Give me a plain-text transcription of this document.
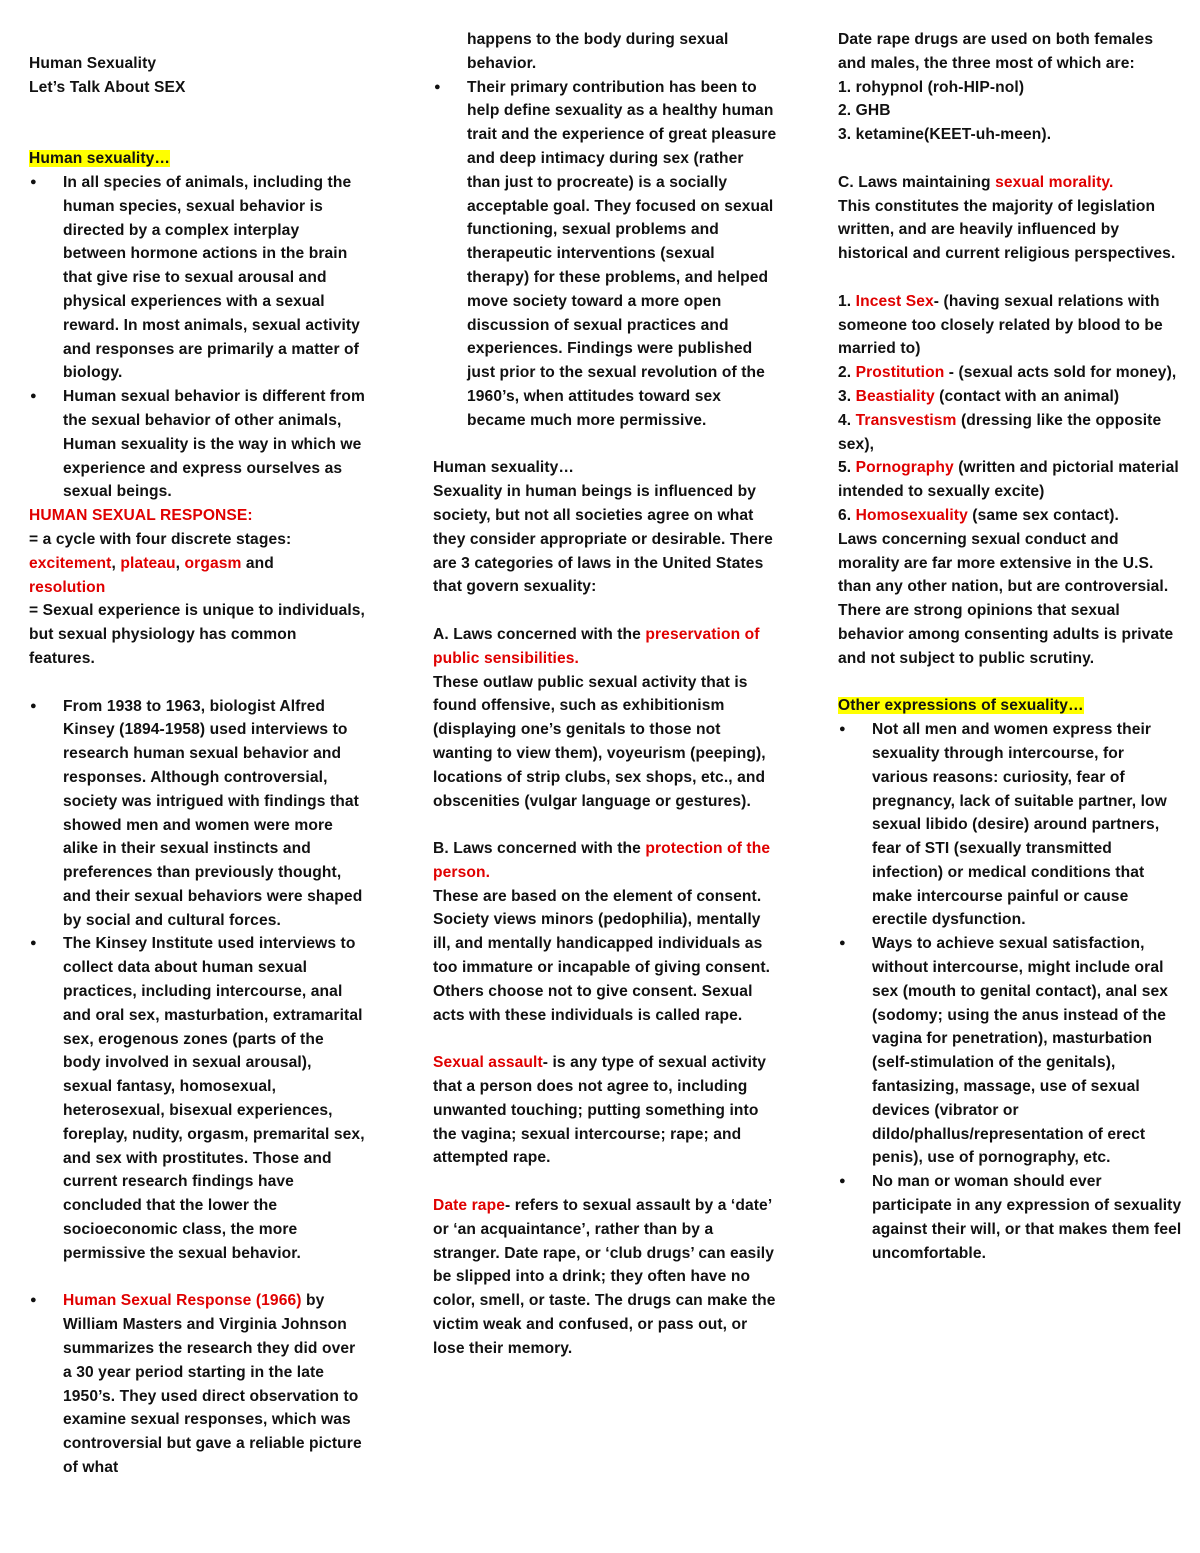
Human Sexuality

Let’s Talk About SEX

Human sexuality…

● In all species of animals, including the human species, sexual behavior is directed by a complex interplay between hormone actions in the brain that give rise to sexual arousal and physical experiences with a sexual reward. In most animals, sexual activity and responses are primarily a matter of biology.
● Human sexual behavior is different from the sexual behavior of other animals, Human sexuality is the way in which we experience and express ourselves as sexual beings.

HUMAN SEXUAL RESPONSE:

= a cycle with four discrete stages:

excitement, plateau, orgasm and

resolution

= Sexual experience is unique to individuals, but sexual physiology has common features.

● From 1938 to 1963, biologist Alfred Kinsey (1894-1958) used interviews to research human sexual behavior and responses. Although controversial, society was intrigued with findings that showed men and women were more alike in their sexual instincts and preferences than previously thought, and their sexual behaviors were shaped by social and cultural forces.
● The Kinsey Institute used interviews to collect data about human sexual practices, including intercourse, anal and oral sex, masturbation, extramarital sex, erogenous zones (parts of the body involved in sexual arousal), sexual fantasy, homosexual, heterosexual, bisexual experiences, foreplay, nudity, orgasm, premarital sex, and sex with prostitutes. Those and current research findings have concluded that the lower the socioeconomic class, the more permissive the sexual behavior.
● Human Sexual Response (1966) by William Masters and Virginia Johnson summarizes the research they did over a 30 year period starting in the late 1950’s. They used direct observation to examine sexual responses, which was controversial but gave a reliable picture of what

happens to the body during sexual behavior.

● Their primary contribution has been to help define sexuality as a healthy human trait and the experience of great pleasure and deep intimacy during sex (rather than just to procreate) is a socially acceptable goal. They focused on sexual functioning, sexual problems and therapeutic interventions (sexual therapy) for these problems, and helped move society toward a more open discussion of sexual practices and experiences. Findings were published just prior to the sexual revolution of the 1960’s, when attitudes toward sex became much more permissive.

Human sexuality…

Sexuality in human beings is influenced by society, but not all societies agree on what they consider appropriate or desirable. There are 3 categories of laws in the United States that govern sexuality:

A. Laws concerned with the preservation of public sensibilities.

These outlaw public sexual activity that is found offensive, such as exhibitionism (displaying one’s genitals to those not wanting to view them), voyeurism (peeping), locations of strip clubs, sex shops, etc., and obscenities (vulgar language or gestures).

B. Laws concerned with the protection of the person.

These are based on the element of consent. Society views minors (pedophilia), mentally ill, and mentally handicapped individuals as too immature or incapable of giving consent. Others choose not to give consent. Sexual acts with these individuals is called rape.

Sexual assault- is any type of sexual activity that a person does not agree to, including unwanted touching; putting something into the vagina; sexual intercourse; rape; and attempted rape.

Date rape- refers to sexual assault by a ‘date’ or ‘an acquaintance’, rather than by a stranger. Date rape, or ‘club drugs’ can easily be slipped into a drink; they often have no color, smell, or taste. The drugs can make the victim weak and confused, or pass out, or lose their memory.

Date rape drugs are used on both females and males, the three most of which are:

1. rohypnol (roh-HIP-nol)

2. GHB

3. ketamine(KEET-uh-meen).

C. Laws maintaining sexual morality.

This constitutes the majority of legislation written, and are heavily influenced by historical and current religious perspectives.

1. Incest Sex- (having sexual relations with someone too closely related by blood to be married to)
2. Prostitution - (sexual acts sold for money),
3. Beastiality (contact with an animal)
4. Transvestism (dressing like the opposite sex),
5. Pornography (written and pictorial material intended to sexually excite)
6. Homosexuality (same sex contact).

Laws concerning sexual conduct and morality are far more extensive in the U.S. than any other nation, but are controversial. There are strong opinions that sexual behavior among consenting adults is private and not subject to public scrutiny.

Other expressions of sexuality…

● Not all men and women express their sexuality through intercourse, for various reasons: curiosity, fear of pregnancy, lack of suitable partner, low sexual libido (desire) around partners, fear of STI (sexually transmitted infection) or medical conditions that make intercourse painful or cause erectile dysfunction.
● Ways to achieve sexual satisfaction, without intercourse, might include oral sex (mouth to genital contact), anal sex (sodomy; using the anus instead of the vagina for penetration), masturbation (self-stimulation of the genitals), fantasizing, massage, use of sexual devices (vibrator or dildo/phallus/representation of erect penis), use of pornography, etc.
● No man or woman should ever participate in any expression of sexuality against their will, or that makes them feel uncomfortable.
